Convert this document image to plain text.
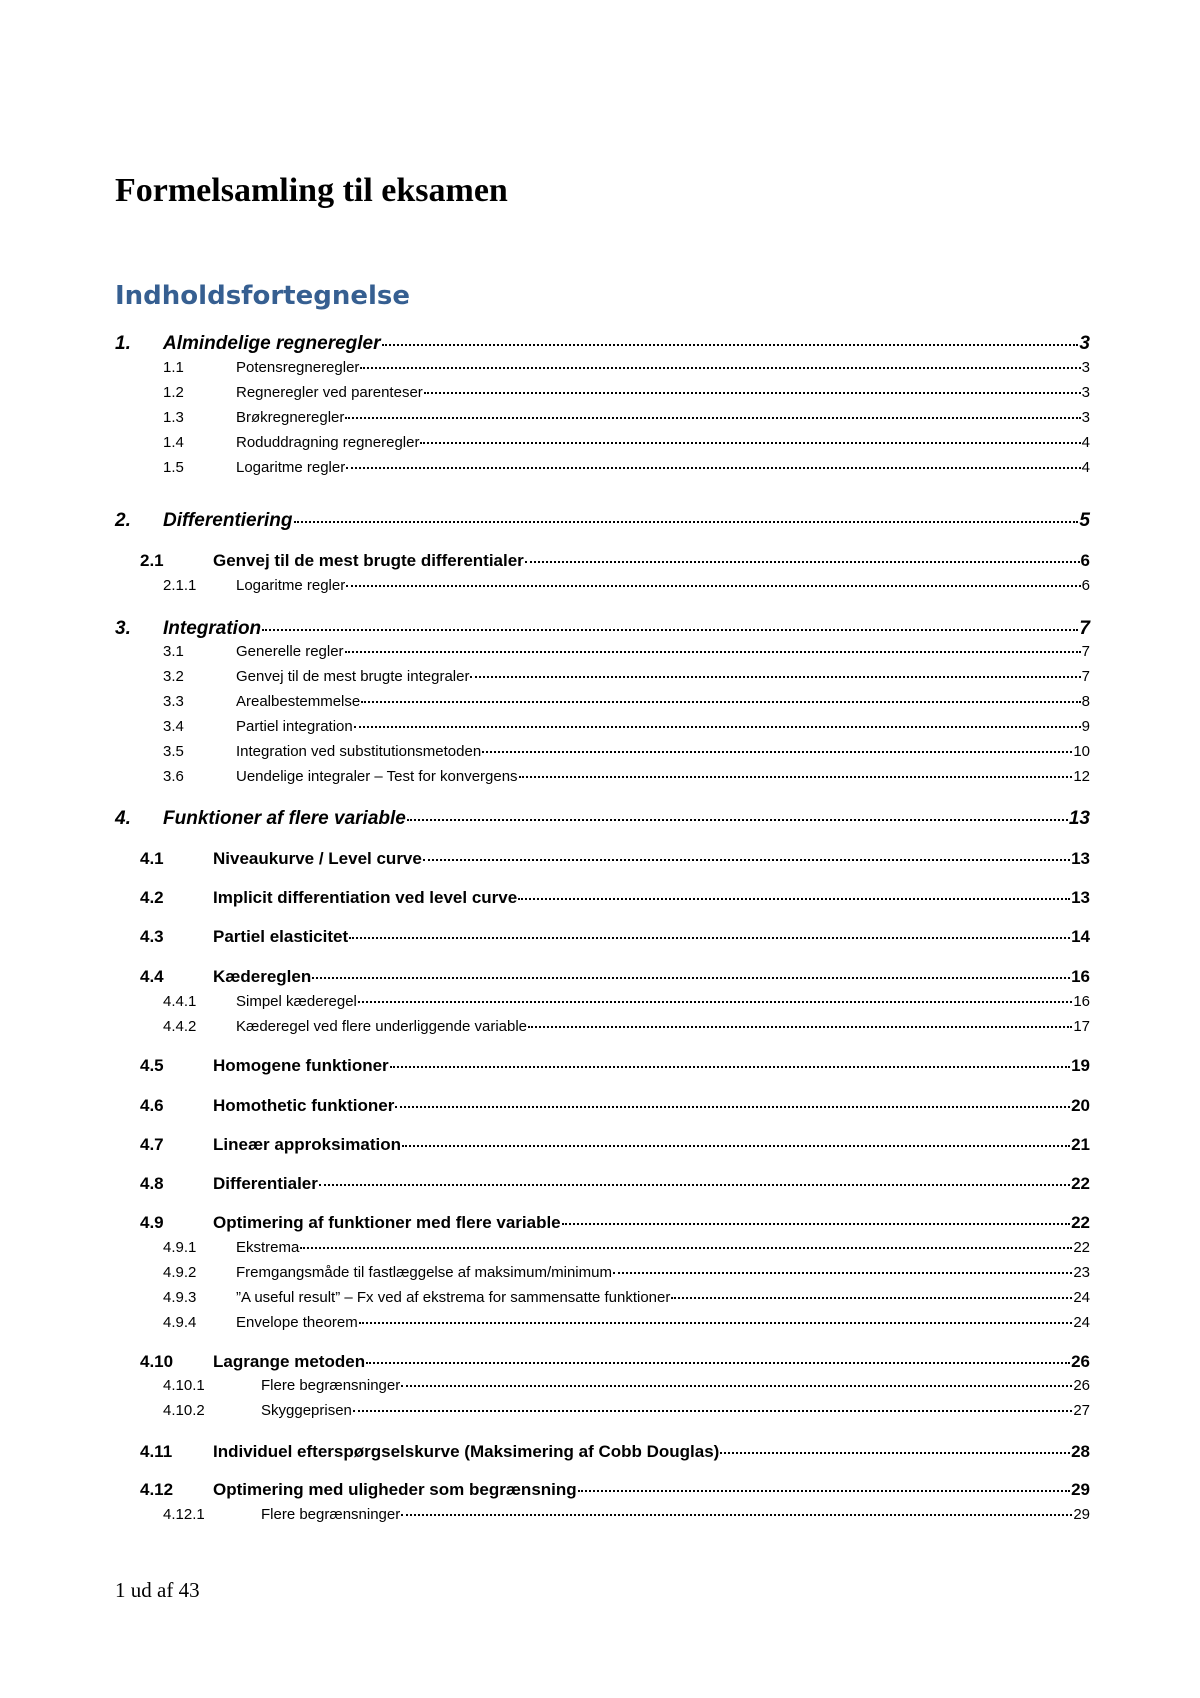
Formelsamling til eksamen
Indholdsfortegnelse
1.	Almindelige regneregler	3
1.1	Potensregneregler	3
1.2	Regneregler ved parenteser	3
1.3	Brøkregneregler	3
1.4	Roduddragning regneregler	4
1.5	Logaritme regler	4
2.	Differentiering	5
2.1	Genvej til de mest brugte differentialer	6
2.1.1	Logaritme regler	6
3.	Integration	7
3.1	Generelle regler	7
3.2	Genvej til de mest brugte integraler	7
3.3	Arealbestemmelse	8
3.4	Partiel integration	9
3.5	Integration ved substitutionsmetoden	10
3.6	Uendelige integraler – Test for konvergens	12
4.	Funktioner af flere variable	13
4.1	Niveaukurve / Level curve	13
4.2	Implicit differentiation ved level curve	13
4.3	Partiel elasticitet	14
4.4	Kædereglen	16
4.4.1	Simpel kæderegel	16
4.4.2	Kæderegel ved flere underliggende variable	17
4.5	Homogene funktioner	19
4.6	Homothetic funktioner	20
4.7	Lineær approksimation	21
4.8	Differentialer	22
4.9	Optimering af funktioner med flere variable	22
4.9.1	Ekstrema	22
4.9.2	Fremgangsmåde til fastlæggelse af maksimum/minimum	23
4.9.3	”A useful result” – Fx ved af ekstrema for sammensatte funktioner	24
4.9.4	Envelope theorem	24
4.10	Lagrange metoden	26
4.10.1	Flere begrænsninger	26
4.10.2	Skyggeprisen	27
4.11	Individuel efterspørgselskurve (Maksimering af Cobb Douglas)	28
4.12	Optimering med uligheder som begrænsning	29
4.12.1	Flere begrænsninger	29
1 ud af 43
